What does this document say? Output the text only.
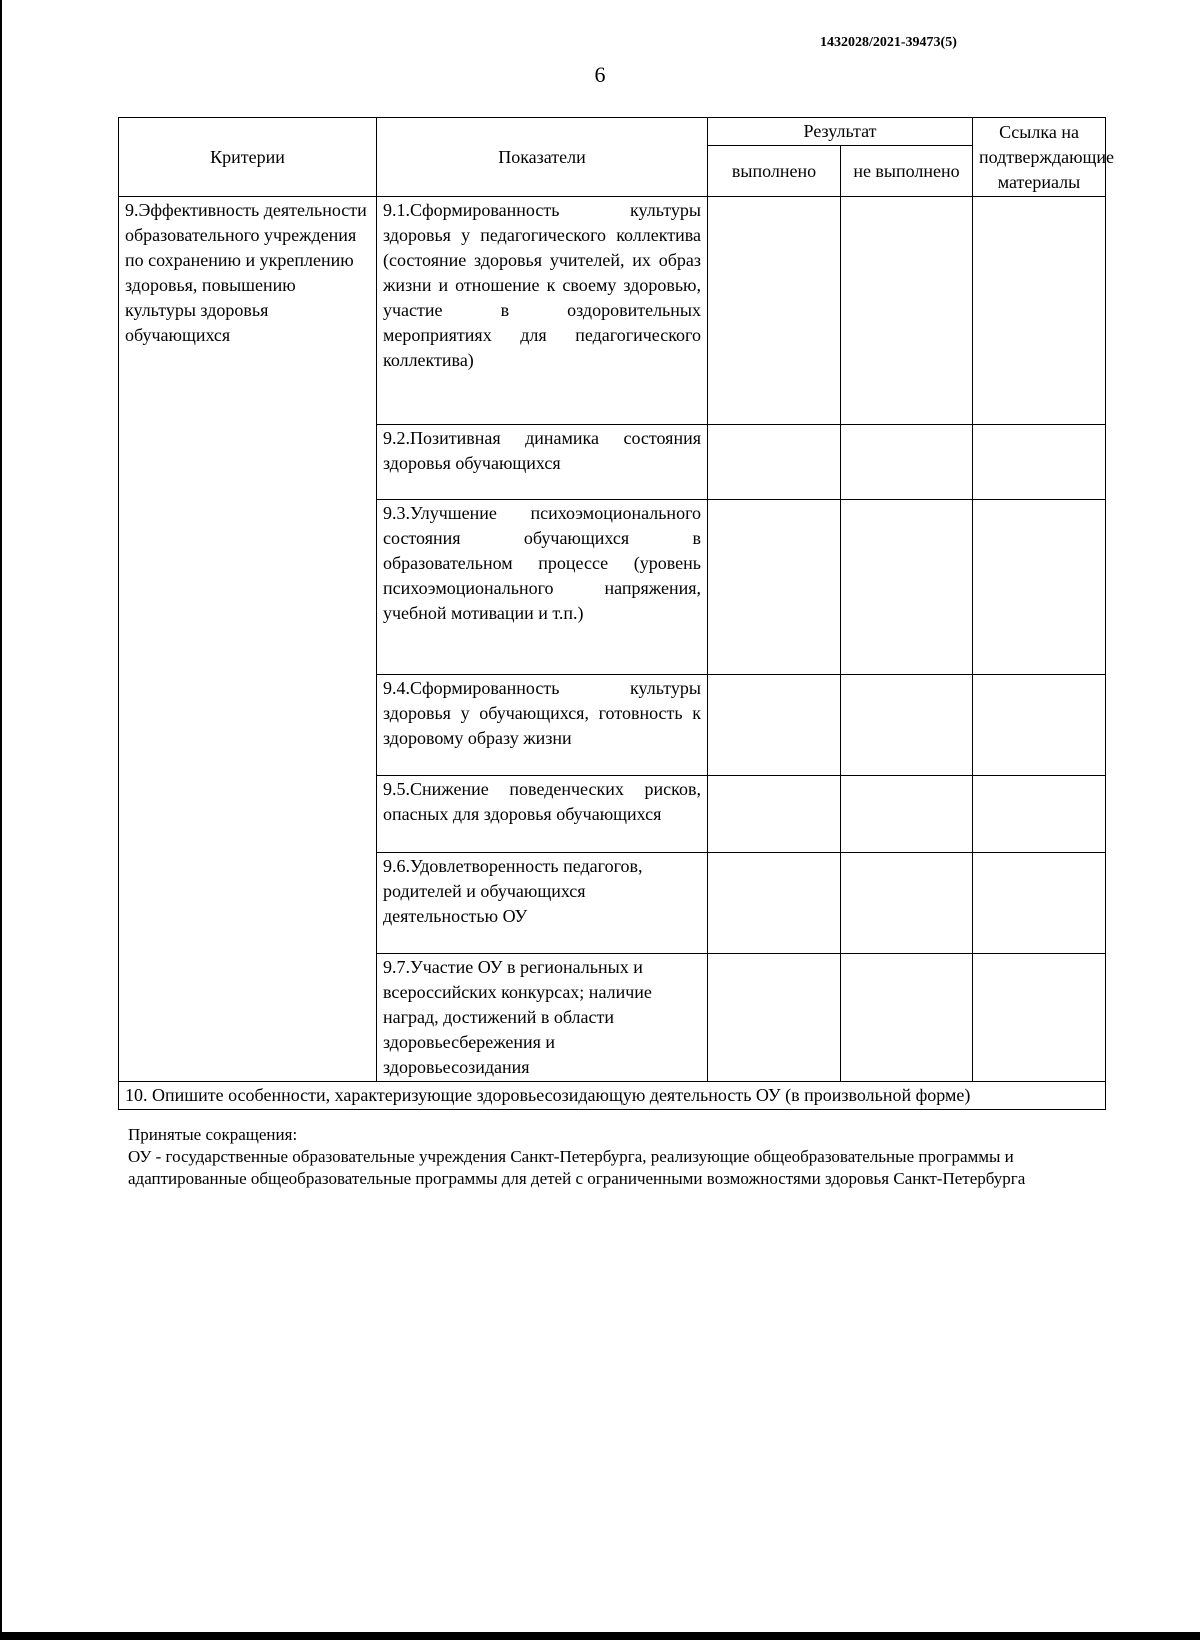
1432028/2021-39473(5)
6
Критерии	Показатели	Результат		Ссылка на подтверждающие материалы
		выполнено	не выполнено	
9.Эффективность деятельности образовательного учреждения по сохранению и укреплению здоровья, повышению культуры здоровья обучающихся	9.1.Сформированность культуры здоровья у педагогического коллектива (состояние здоровья учителей, их образ жизни и отношение к своему здоровью, участие в оздоровительных мероприятиях для педагогического коллектива)			
	9.2.Позитивная динамика состояния здоровья обучающихся			
	9.3.Улучшение психоэмоционального состояния обучающихся в образовательном процессе (уровень психоэмоционального напряжения, учебной мотивации и т.п.)			
	9.4.Сформированность культуры здоровья у обучающихся, готовность к здоровому образу жизни			
	9.5.Снижение поведенческих рисков, опасных для здоровья обучающихся			
	9.6.Удовлетворенность педагогов, родителей и обучающихся деятельностью ОУ			
	9.7.Участие ОУ в региональных и всероссийских конкурсах; наличие наград, достижений в области здоровьесбережения и здоровьесозидания			
10. Опишите особенности, характеризующие здоровьесозидающую деятельность ОУ (в произвольной форме)				

Принятые сокращения:

ОУ - государственные образовательные учреждения Санкт-Петербурга, реализующие общеобразовательные программы и адаптированные общеобразовательные программы для детей с ограниченными возможностями здоровья Санкт-Петербурга
